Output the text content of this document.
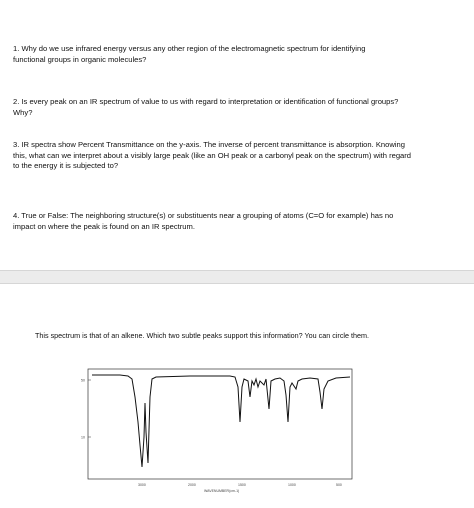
1. Why do we use infrared energy versus any other region of the electromagnetic spectrum for identifying
functional groups in organic molecules?
2. Is every peak on an IR spectrum of value to us with regard to interpretation or identification of functional groups?
Why?
3. IR spectra show Percent Transmittance on the y-axis. The inverse of percent transmittance is absorption. Knowing
this, what can we interpret about a visibly large peak (like an OH peak or a carbonyl peak on the spectrum) with regard
to the energy it is subjected to?
4. True or False: The neighboring structure(s) or substituents near a grouping of atoms (C=O for example) has no
impact on where the peak is found on an IR spectrum.
This spectrum is that of an alkene. Which two subtle peaks support this information? You can circle them.
50
10
3000	2000	1500	1000	500
WAVENUMBER(cm-1)
